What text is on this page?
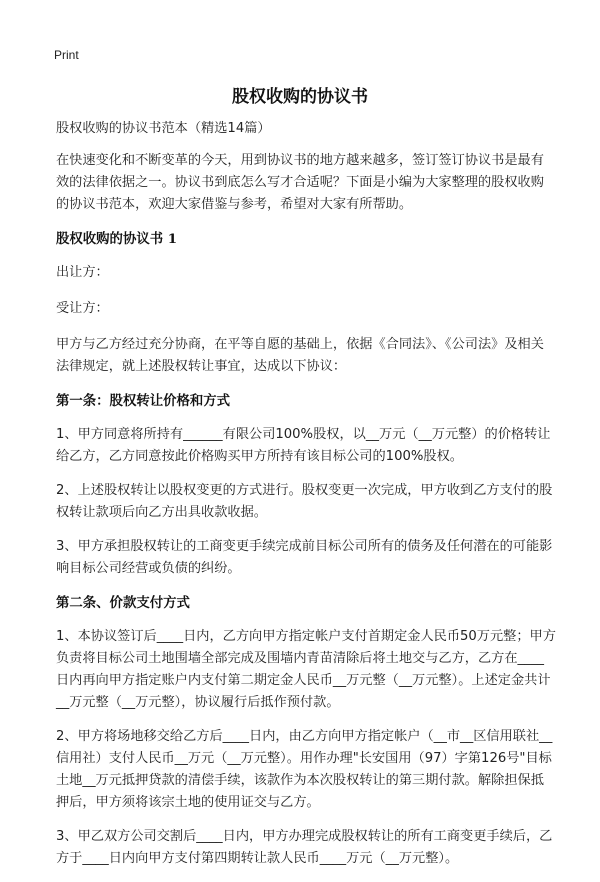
Print
股权收购的协议书

股权收购的协议书范本（精选14篇）

在快速变化和不断变革的今天，用到协议书的地方越来越多，签订签订协议书是最有效的法律依据之一。协议书到底怎么写才合适呢？下面是小编为大家整理的股权收购的协议书范本，欢迎大家借鉴与参考，希望对大家有所帮助。

股权收购的协议书 1

出让方：

受让方：

甲方与乙方经过充分协商，在平等自愿的基础上，依据《合同法》、《公司法》及相关法律规定，就上述股权转让事宜，达成以下协议：

第一条：股权转让价格和方式

1、甲方同意将所持有______有限公司100%股权，以__万元（__万元整）的价格转让给乙方，乙方同意按此价格购买甲方所持有该目标公司的100%股权。

2、上述股权转让以股权变更的方式进行。股权变更一次完成，甲方收到乙方支付的股权转让款项后向乙方出具收款收据。

3、甲方承担股权转让的工商变更手续完成前目标公司所有的债务及任何潜在的可能影响目标公司经营或负债的纠纷。

第二条、价款支付方式

1、本协议签订后____日内，乙方向甲方指定帐户支付首期定金人民币50万元整；甲方负责将目标公司土地围墙全部完成及围墙内青苗清除后将土地交与乙方，乙方在____日内再向甲方指定账户内支付第二期定金人民币__万元整（__万元整）。上述定金共计__万元整（__万元整），协议履行后抵作预付款。

2、甲方将场地移交给乙方后____日内，由乙方向甲方指定帐户（__市__区信用联社__信用社）支付人民币__万元（__万元整）。用作办理"长安国用（97）字第126号"目标土地__万元抵押贷款的清偿手续，该款作为本次股权转让的第三期付款。解除担保抵押后，甲方须将该宗土地的使用证交与乙方。

3、甲乙双方公司交割后____日内，甲方办理完成股权转让的所有工商变更手续后，乙方于____日内向甲方支付第四期转让款人民币____万元（__万元整）。
